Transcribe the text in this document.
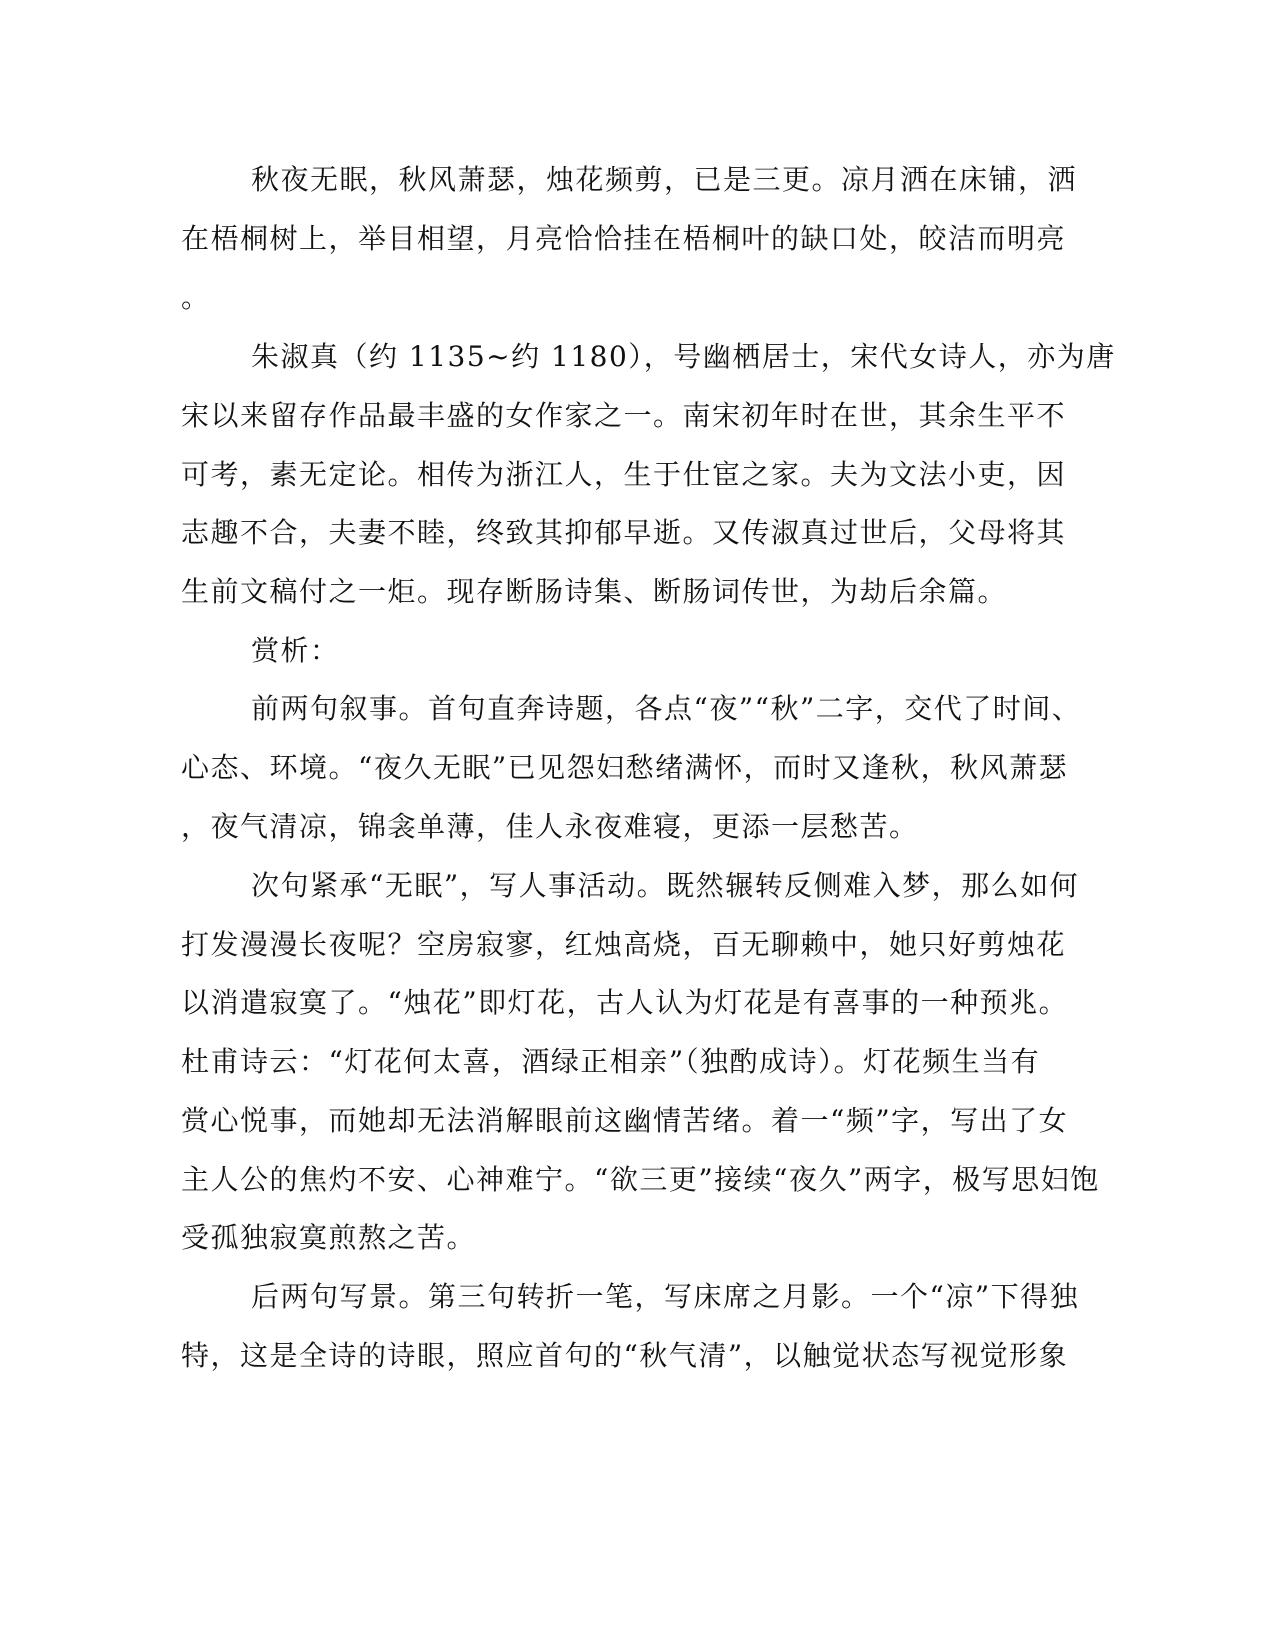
秋夜无眠，秋风萧瑟，烛花频剪，已是三更。凉月洒在床铺，洒
在梧桐树上，举目相望，月亮恰恰挂在梧桐叶的缺口处，皎洁而明亮
。
朱淑真（约 1135~约 1180），号幽栖居士，宋代女诗人，亦为唐
宋以来留存作品最丰盛的女作家之一。南宋初年时在世，其余生平不
可考，素无定论。相传为浙江人，生于仕宦之家。夫为文法小吏，因
志趣不合，夫妻不睦，终致其抑郁早逝。又传淑真过世后，父母将其
生前文稿付之一炬。现存断肠诗集、断肠词传世，为劫后余篇。
赏析：
前两句叙事。首句直奔诗题，各点“夜”“秋”二字，交代了时间、
心态、环境。“夜久无眠”已见怨妇愁绪满怀，而时又逢秋，秋风萧瑟
，夜气清凉，锦衾单薄，佳人永夜难寝，更添一层愁苦。
次句紧承“无眠”，写人事活动。既然辗转反侧难入梦，那么如何
打发漫漫长夜呢？空房寂寥，红烛高烧，百无聊赖中，她只好剪烛花
以消遣寂寞了。“烛花”即灯花，古人认为灯花是有喜事的一种预兆。
杜甫诗云：“灯花何太喜，酒绿正相亲”（独酌成诗）。灯花频生当有
赏心悦事，而她却无法消解眼前这幽情苦绪。着一“频”字，写出了女
主人公的焦灼不安、心神难宁。“欲三更”接续“夜久”两字，极写思妇饱
受孤独寂寞煎熬之苦。
后两句写景。第三句转折一笔，写床席之月影。一个“凉”下得独
特，这是全诗的诗眼，照应首句的“秋气清”，以触觉状态写视觉形象
